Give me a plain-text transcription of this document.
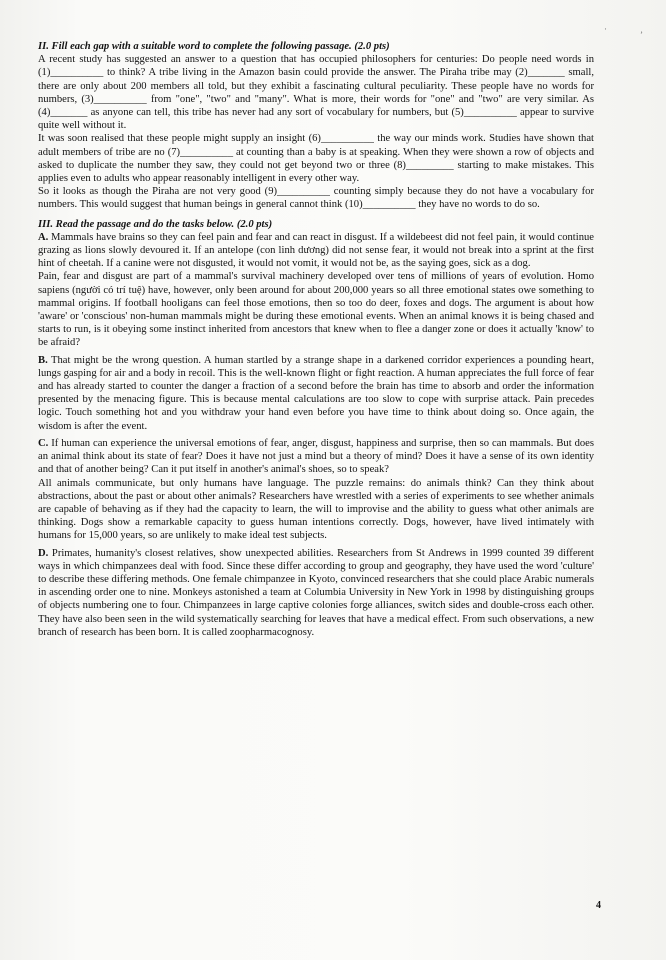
·
ʼ

II. Fill each gap with a suitable word to complete the following passage. (2.0 pts)

A recent study has suggested an answer to a question that has occupied philosophers for centuries: Do people need words in (1)__________ to think? A tribe living in the Amazon basin could provide the answer. The Piraha tribe may (2)_______ small, there are only about 200 members all told, but they exhibit a fascinating cultural peculiarity. These people have no words for numbers, (3)__________ from "one", "two" and "many". What is more, their words for "one" and "two" are very similar. As (4)_______ as anyone can tell, this tribe has never had any sort of vocabulary for numbers, but (5)__________ appear to survive quite well without it.

It was soon realised that these people might supply an insight (6)__________ the way our minds work. Studies have shown that adult members of tribe are no (7)__________ at counting than a baby is at speaking. When they were shown a row of objects and asked to duplicate the number they saw, they could not get beyond two or three (8)_________ starting to make mistakes. This applies even to adults who appear reasonably intelligent in every other way.

So it looks as though the Piraha are not very good (9)__________ counting simply because they do not have a vocabulary for numbers. This would suggest that human beings in general cannot think (10)__________ they have no words to do so.

III. Read the passage and do the tasks below. (2.0 pts)

A. Mammals have brains so they can feel pain and fear and can react in disgust. If a wildebeest did not feel pain, it would continue grazing as lions slowly devoured it. If an antelope (con linh dương) did not sense fear, it would not break into a sprint at the first hint of cheetah. If a canine were not disgusted, it would not vomit, it would not be, as the saying goes, sick as a dog.

Pain, fear and disgust are part of a mammal's survival machinery developed over tens of millions of years of evolution. Homo sapiens (người có trí tuệ) have, however, only been around for about 200,000 years so all three emotional states owe something to mammal origins. If football hooligans can feel those emotions, then so too do deer, foxes and dogs. The argument is about how 'aware' or 'conscious' non-human mammals might be during these emotional events. When an animal knows it is being chased and starts to run, is it obeying some instinct inherited from ancestors that knew when to flee a danger zone or does it actually 'know' to be afraid?

B. That might be the wrong question. A human startled by a strange shape in a darkened corridor experiences a pounding heart, lungs gasping for air and a body in recoil. This is the well-known flight or fight reaction. A human appreciates the full force of fear and has already started to counter the danger a fraction of a second before the brain has time to absorb and order the information presented by the menacing figure. This is because mental calculations are too slow to cope with surprise attack. Pain precedes logic. Touch something hot and you withdraw your hand even before you have time to think about doing so. Once again, the wisdom is after the event.

C. If human can experience the universal emotions of fear, anger, disgust, happiness and surprise, then so can mammals. But does an animal think about its state of fear? Does it have not just a mind but a theory of mind? Does it have a sense of its own identity and that of another being? Can it put itself in another's animal's shoes, so to speak?

All animals communicate, but only humans have language. The puzzle remains: do animals think? Can they think about abstractions, about the past or about other animals? Researchers have wrestled with a series of experiments to see whether animals are capable of behaving as if they had the capacity to learn, the will to improvise and the ability to guess what other animals are thinking. Dogs show a remarkable capacity to guess human intentions correctly. Dogs, however, have lived intimately with humans for 15,000 years, so are unlikely to make ideal test subjects.

D. Primates, humanity's closest relatives, show unexpected abilities. Researchers from St Andrews in 1999 counted 39 different ways in which chimpanzees deal with food. Since these differ according to group and geography, they have used the word 'culture' to describe these differing methods. One female chimpanzee in Kyoto, convinced researchers that she could place Arabic numerals in ascending order one to nine. Monkeys astonished a team at Columbia University in New York in 1998 by distinguishing groups of objects numbering one to four. Chimpanzees in large captive colonies forge alliances, switch sides and double-cross each other. They have also been seen in the wild systematically searching for leaves that have a medical effect. From such observations, a new branch of research has been born. It is called zoopharmacognosy.

4
